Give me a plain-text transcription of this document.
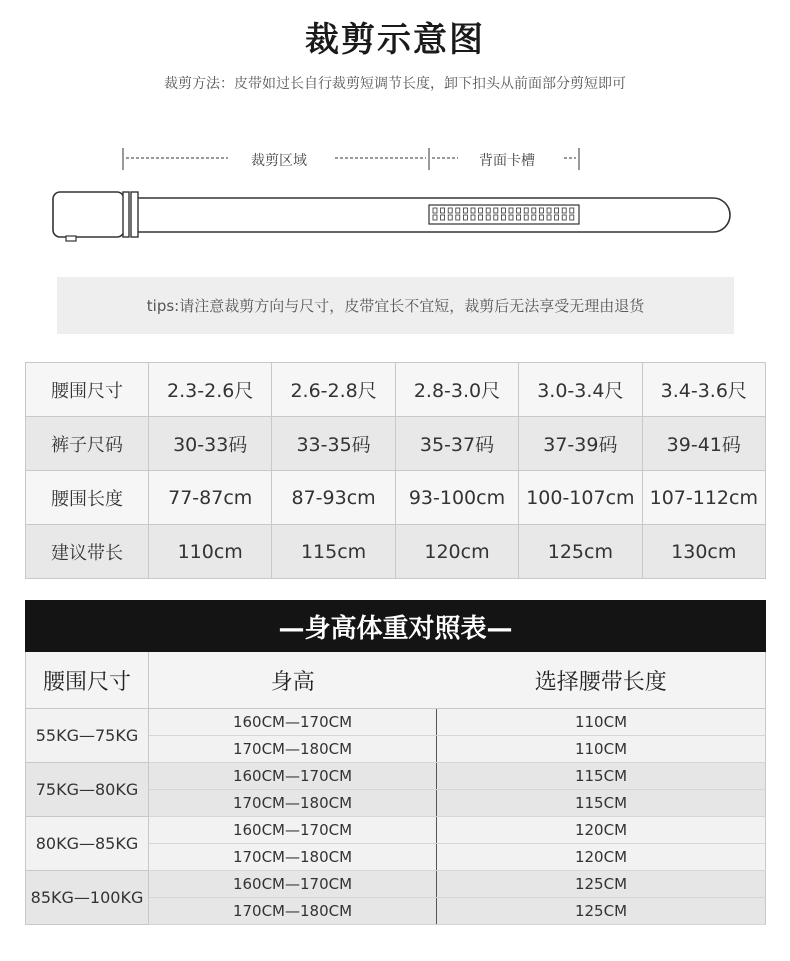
裁剪示意图
裁剪方法：皮带如过长自行裁剪短调节长度，卸下扣头从前面部分剪短即可
裁剪区域	背面卡槽
tips:请注意裁剪方向与尺寸，皮带宜长不宜短，裁剪后无法享受无理由退货
腰围尺寸	2.3-2.6尺	2.6-2.8尺	2.8-3.0尺	3.0-3.4尺	3.4-3.6尺
裤子尺码	30-33码	33-35码	35-37码	37-39码	39-41码
腰围长度	77-87cm	87-93cm	93-100cm	100-107cm	107-112cm
建议带长	110cm	115cm	120cm	125cm	130cm
—身高体重对照表—
腰围尺寸	身高	选择腰带长度
55KG—75KG	160CM—170CM	110CM
	170CM—180CM	110CM
75KG—80KG	160CM—170CM	115CM
	170CM—180CM	115CM
80KG—85KG	160CM—170CM	120CM
	170CM—180CM	120CM
85KG—100KG	160CM—170CM	125CM
	170CM—180CM	125CM
